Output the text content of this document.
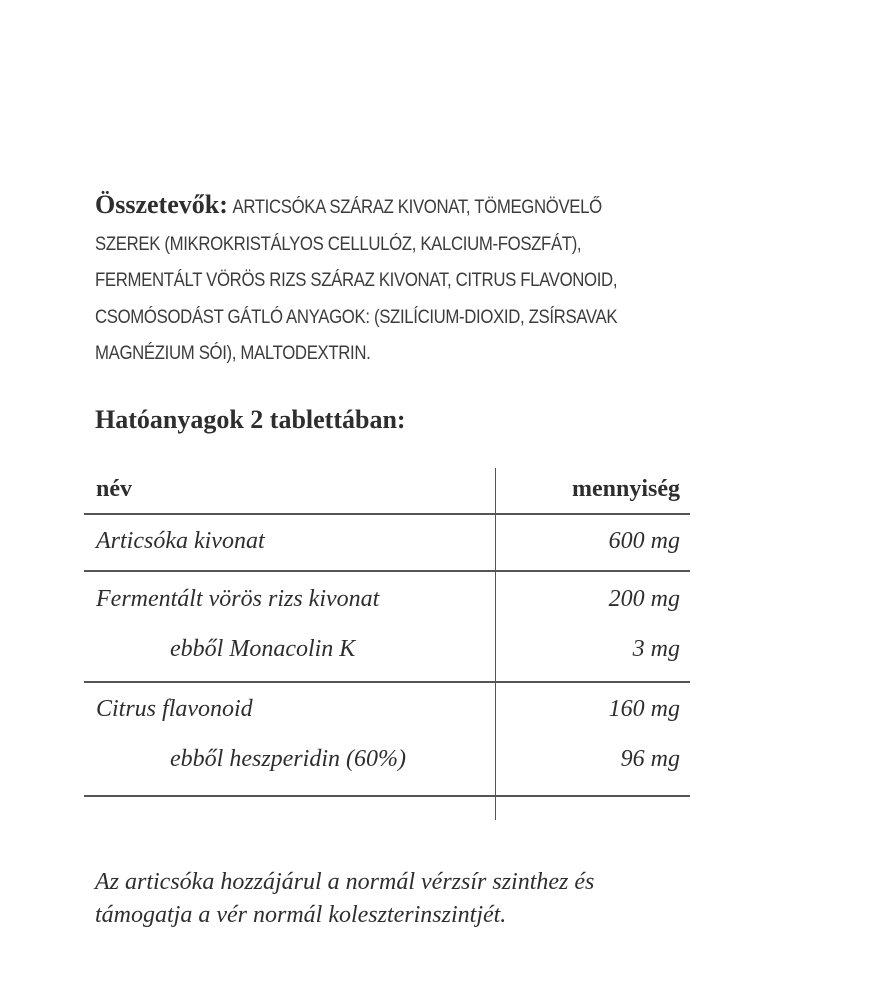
Összetevők: ARTICSÓKA SZÁRAZ KIVONAT, TÖMEGNÖVELŐ
SZEREK (MIKROKRISTÁLYOS CELLULÓZ, KALCIUM-FOSZFÁT),
FERMENTÁLT VÖRÖS RIZS SZÁRAZ KIVONAT, CITRUS FLAVONOID,
CSOMÓSODÁST GÁTLÓ ANYAGOK: (SZILÍCIUM-DIOXID, ZSÍRSAVAK
MAGNÉZIUM SÓI), MALTODEXTRIN.
Hatóanyagok 2 tablettában:
név	mennyiség
Articsóka kivonat	600 mg
Fermentált vörös rizs kivonat	200 mg
ebből Monacolin K	3 mg
Citrus flavonoid	160 mg
ebből heszperidin (60%)	96 mg

Az articsóka hozzájárul a normál vérzsír szinthez és
támogatja a vér normál koleszterinszintjét.
